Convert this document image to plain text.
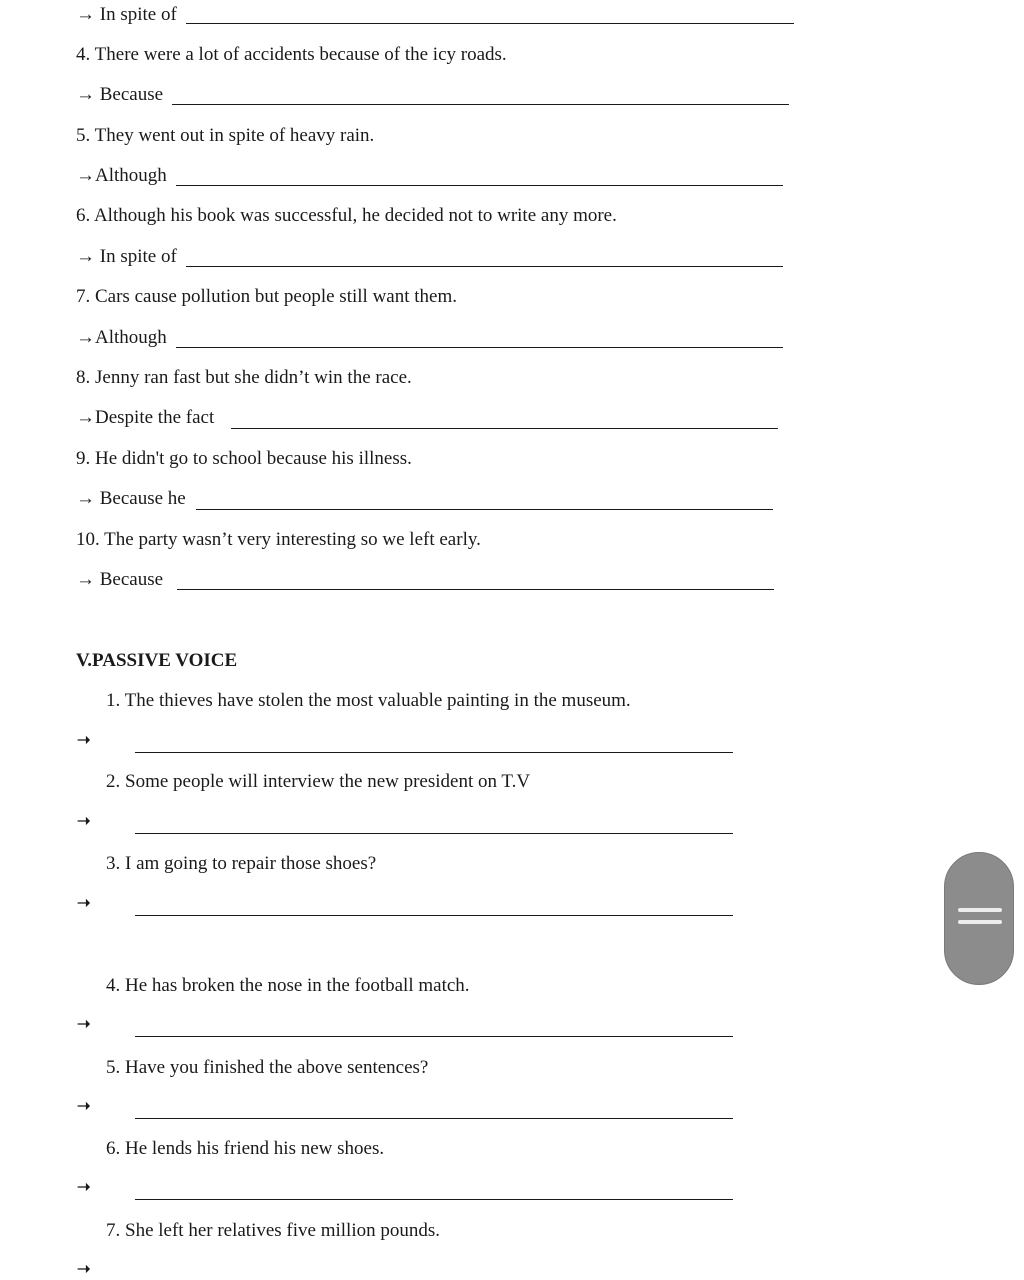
→ In spite of
4. There were a lot of accidents because of the icy roads.
→ Because
5. They went out in spite of heavy rain.
→Although
6. Although his book was successful, he decided not to write any more.
→ In spite of
7. Cars cause pollution but people still want them.
→Although
8. Jenny ran fast but she didn’t win the race.
→Despite the fact
9. He didn't go to school because his illness.
→ Because he
10. The party wasn’t very interesting so we left early.
→ Because
V.PASSIVE VOICE
1. The thieves have stolen the most valuable painting in the museum.
➝
2. Some people will interview the new president on T.V
➝
3. I am going to repair those shoes?
➝
4. He has broken the nose in the football match.
➝
5. Have you finished the above sentences?
➝
6. He lends his friend his new shoes.
➝
7. She left her relatives five million pounds.
➝
